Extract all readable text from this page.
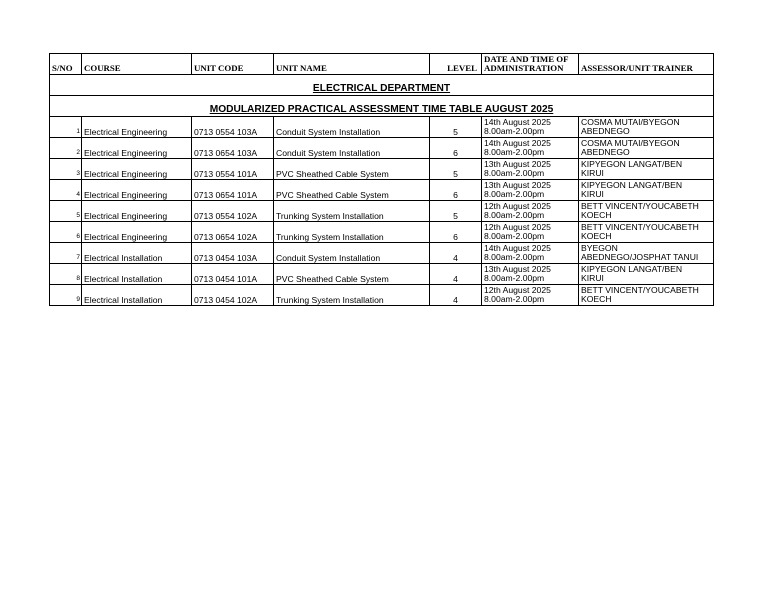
ELECTRICAL DEPARTMENT						
MODULARIZED PRACTICAL ASSESSMENT TIME TABLE AUGUST 2025						
S/NO	COURSE	UNIT CODE	UNIT NAME	LEVEL	DATE AND TIME OF
ADMINISTRATION	ASSESSOR/UNIT TRAINER
1	Electrical Engineering	0713 0554 103A	Conduit System Installation	5	14th August 2025
8.00am-2.00pm	COSMA MUTAI/BYEGON
ABEDNEGO

2	Electrical Engineering	0713 0654 103A	Conduit System Installation	6	14th August 2025
8.00am-2.00pm	COSMA MUTAI/BYEGON
ABEDNEGO

3	Electrical Engineering	0713 0554 101A	PVC Sheathed Cable System	5	13th August 2025
8.00am-2.00pm	KIPYEGON LANGAT/BEN
KIRUI

4	Electrical Engineering	0713 0654 101A	PVC Sheathed Cable System	6	13th August 2025
8.00am-2.00pm	KIPYEGON LANGAT/BEN
KIRUI

5	Electrical Engineering	0713 0554 102A	Trunking System Installation	5	12th August 2025
8.00am-2.00pm	BETT VINCENT/YOUCABETH
KOECH

6	Electrical Engineering	0713 0654 102A	Trunking System Installation	6	12th August 2025
8.00am-2.00pm	BETT VINCENT/YOUCABETH
KOECH

7	Electrical Installation	0713 0454 103A	Conduit System Installation	4	14th August 2025
8.00am-2.00pm	BYEGON
ABEDNEGO/JOSPHAT TANUI

8	Electrical Installation	0713 0454 101A	PVC Sheathed Cable System	4	13th August 2025
8.00am-2.00pm	KIPYEGON LANGAT/BEN
KIRUI

9	Electrical Installation	0713 0454 102A	Trunking System Installation	4	12th August 2025
8.00am-2.00pm	BETT VINCENT/YOUCABETH
KOECH
